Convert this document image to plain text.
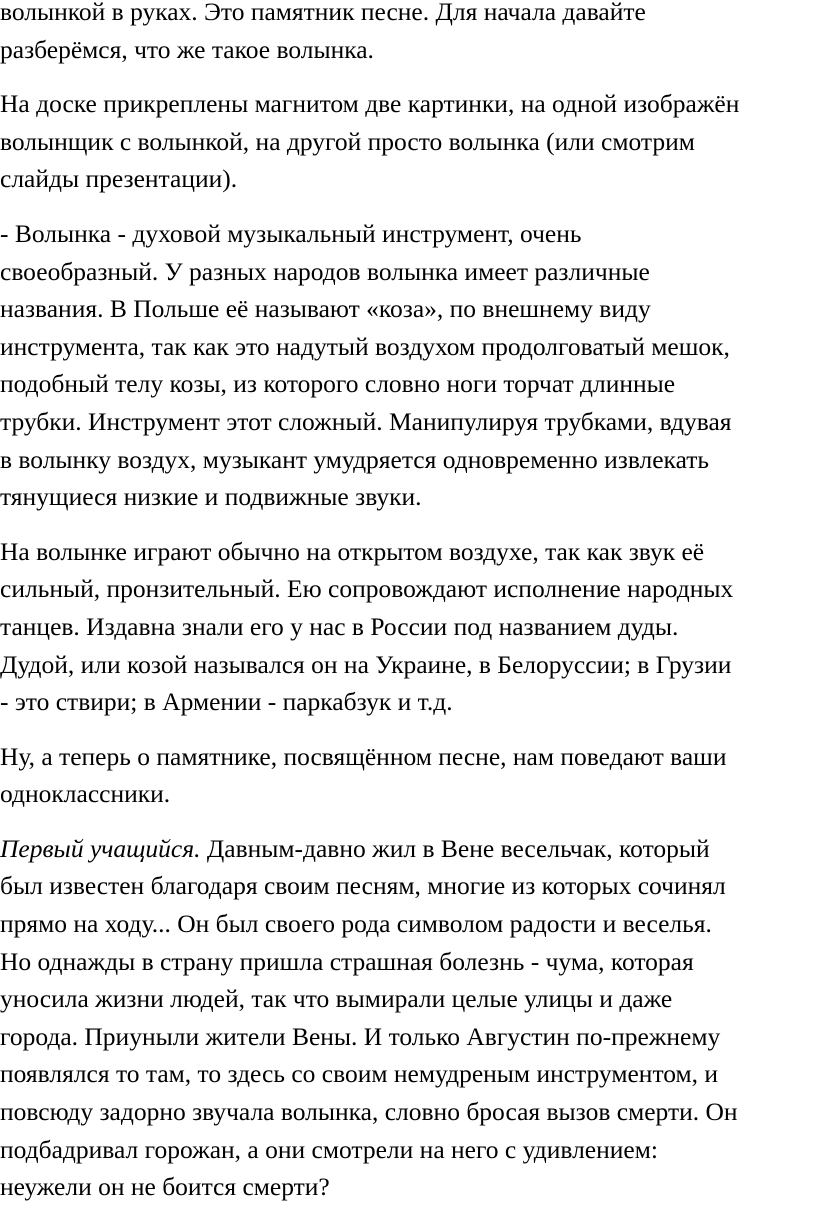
волынкой в руках. Это памятник песне. Для начала давайте
разберёмся, что же такое волынка.

На доске прикреплены магнитом две картинки, на одной изображён
волынщик с волынкой, на другой просто волынка (или смотрим
слайды презентации).

- Волынка - духовой музыкальный инструмент, очень
своеобразный. У разных народов волынка имеет различные
названия. В Польше её называют «коза», по внешнему виду
инструмента, так как это надутый воздухом продолговатый мешок,
подобный телу козы, из которого словно ноги торчат длинные
трубки. Инструмент этот сложный. Манипулируя трубками, вдувая
в волынку воздух, музыкант умудряется одновременно извлекать
тянущиеся низкие и подвижные звуки.

На волынке играют обычно на открытом воздухе, так как звук её
сильный, пронзительный. Ею сопровождают исполнение народных
танцев. Издавна знали его у нас в России под названием дуды.
Дудой, или козой назывался он на Украине, в Белоруссии; в Грузии
- это ствири; в Армении - паркабзук и т.д.

Ну, а теперь о памятнике, посвящённом песне, нам поведают ваши
одноклассники.

Первый учащийся. Давным-давно жил в Вене весельчак, который
был известен благодаря своим песням, многие из которых сочинял
прямо на ходу... Он был своего рода символом радости и веселья.
Но однажды в страну пришла страшная болезнь - чума, которая
уносила жизни людей, так что вымирали целые улицы и даже
города. Приуныли жители Вены. И только Августин по-прежнему
появлялся то там, то здесь со своим немудреным инструментом, и
повсюду задорно звучала волынка, словно бросая вызов смерти. Он
подбадривал горожан, а они смотрели на него с удивлением:
неужели он не боится смерти?
